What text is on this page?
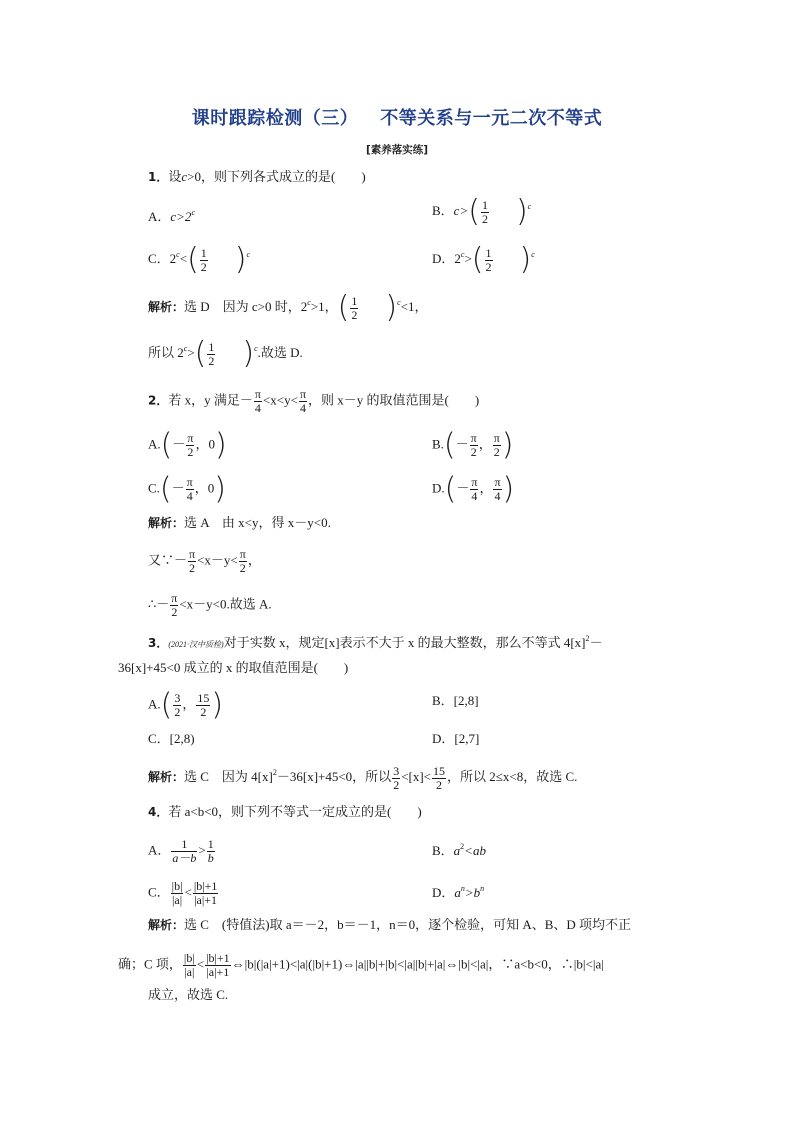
课时跟踪检测（三） 不等关系与一元二次不等式
[素养落实练]
1．设c>0，则下列各式成立的是(　　)
A．$c>2^c$	B．$c>( \frac{1}{2} )^c$
C．$2^c<( \frac{1}{2} )^c$	D．$2^c>( \frac{1}{2} )^c$
解析：选 D　因为 c>0 时，$2^c>1$，( $\frac{1}{2} )^c<1$，
所以 $2^c>( \frac{1}{2} )^c$.故选 D.
2．若 x，y 满足－ $\frac{\pi}{4} <x<y< \frac{\pi}{4}$ ，则 x－y 的取值范围是(　　)
$A.(- \frac{\pi}{2}$ ，0)	$B.(- \frac{\pi}{2}$ ， $\frac{\pi}{2}$ )
$C.(- \frac{\pi}{4}$ ，0)	$D.(- \frac{\pi}{4}$ ， $\frac{\pi}{4}$ )
解析：选 A　由 x<y，得 x－y<0.
又∵－ $\frac{\pi}{2} <x-y< \frac{\pi}{2}$ ，
∴－ $\frac{\pi}{2} <x-y<0$.故选 A.
3．(2021·汉中质检)对于实数 x，规定[x]表示不大于 x 的最大整数，那么不等式 $4[x]^2-$
36[x]+45<0 成立的 x 的取值范围是(　　)
$A.( \frac{3}{2}$ ， $\frac{15}{2}$ )	B．[2,8]
C．[2,8)	D．[2,7]
解析：选 C　因为 $4[x]^2-36[x]+45<0$，所以 $\frac{3}{2} <[x]< \frac{15}{2}$ ，所以 2≤x<8，故选 C.
4．若 a<b<0，则下列不等式一定成立的是(　　)
A． $\frac{1}{a-b} > \frac{1}{b}$	B．$a^2<ab$
C． $\frac{|b|}{|a|} < \frac{|b|+1}{|a|+1}$	D．$a^n>b^n$
解析：选 C　(特值法)取 a＝－2，b＝－1，n＝0，逐个检验，可知 A、B、D 项均不正
确；C 项， $\frac{|b|}{|a|} < \frac{|b|+1}{|a|+1}$ ⇔|b|(|a|+1)<|a|(|b|+1)⇔|a||b|+|b|<|a||b|+|a|⇔|b|<|a|，∵a<b<0，∴|b|<|a|
成立，故选 C.
